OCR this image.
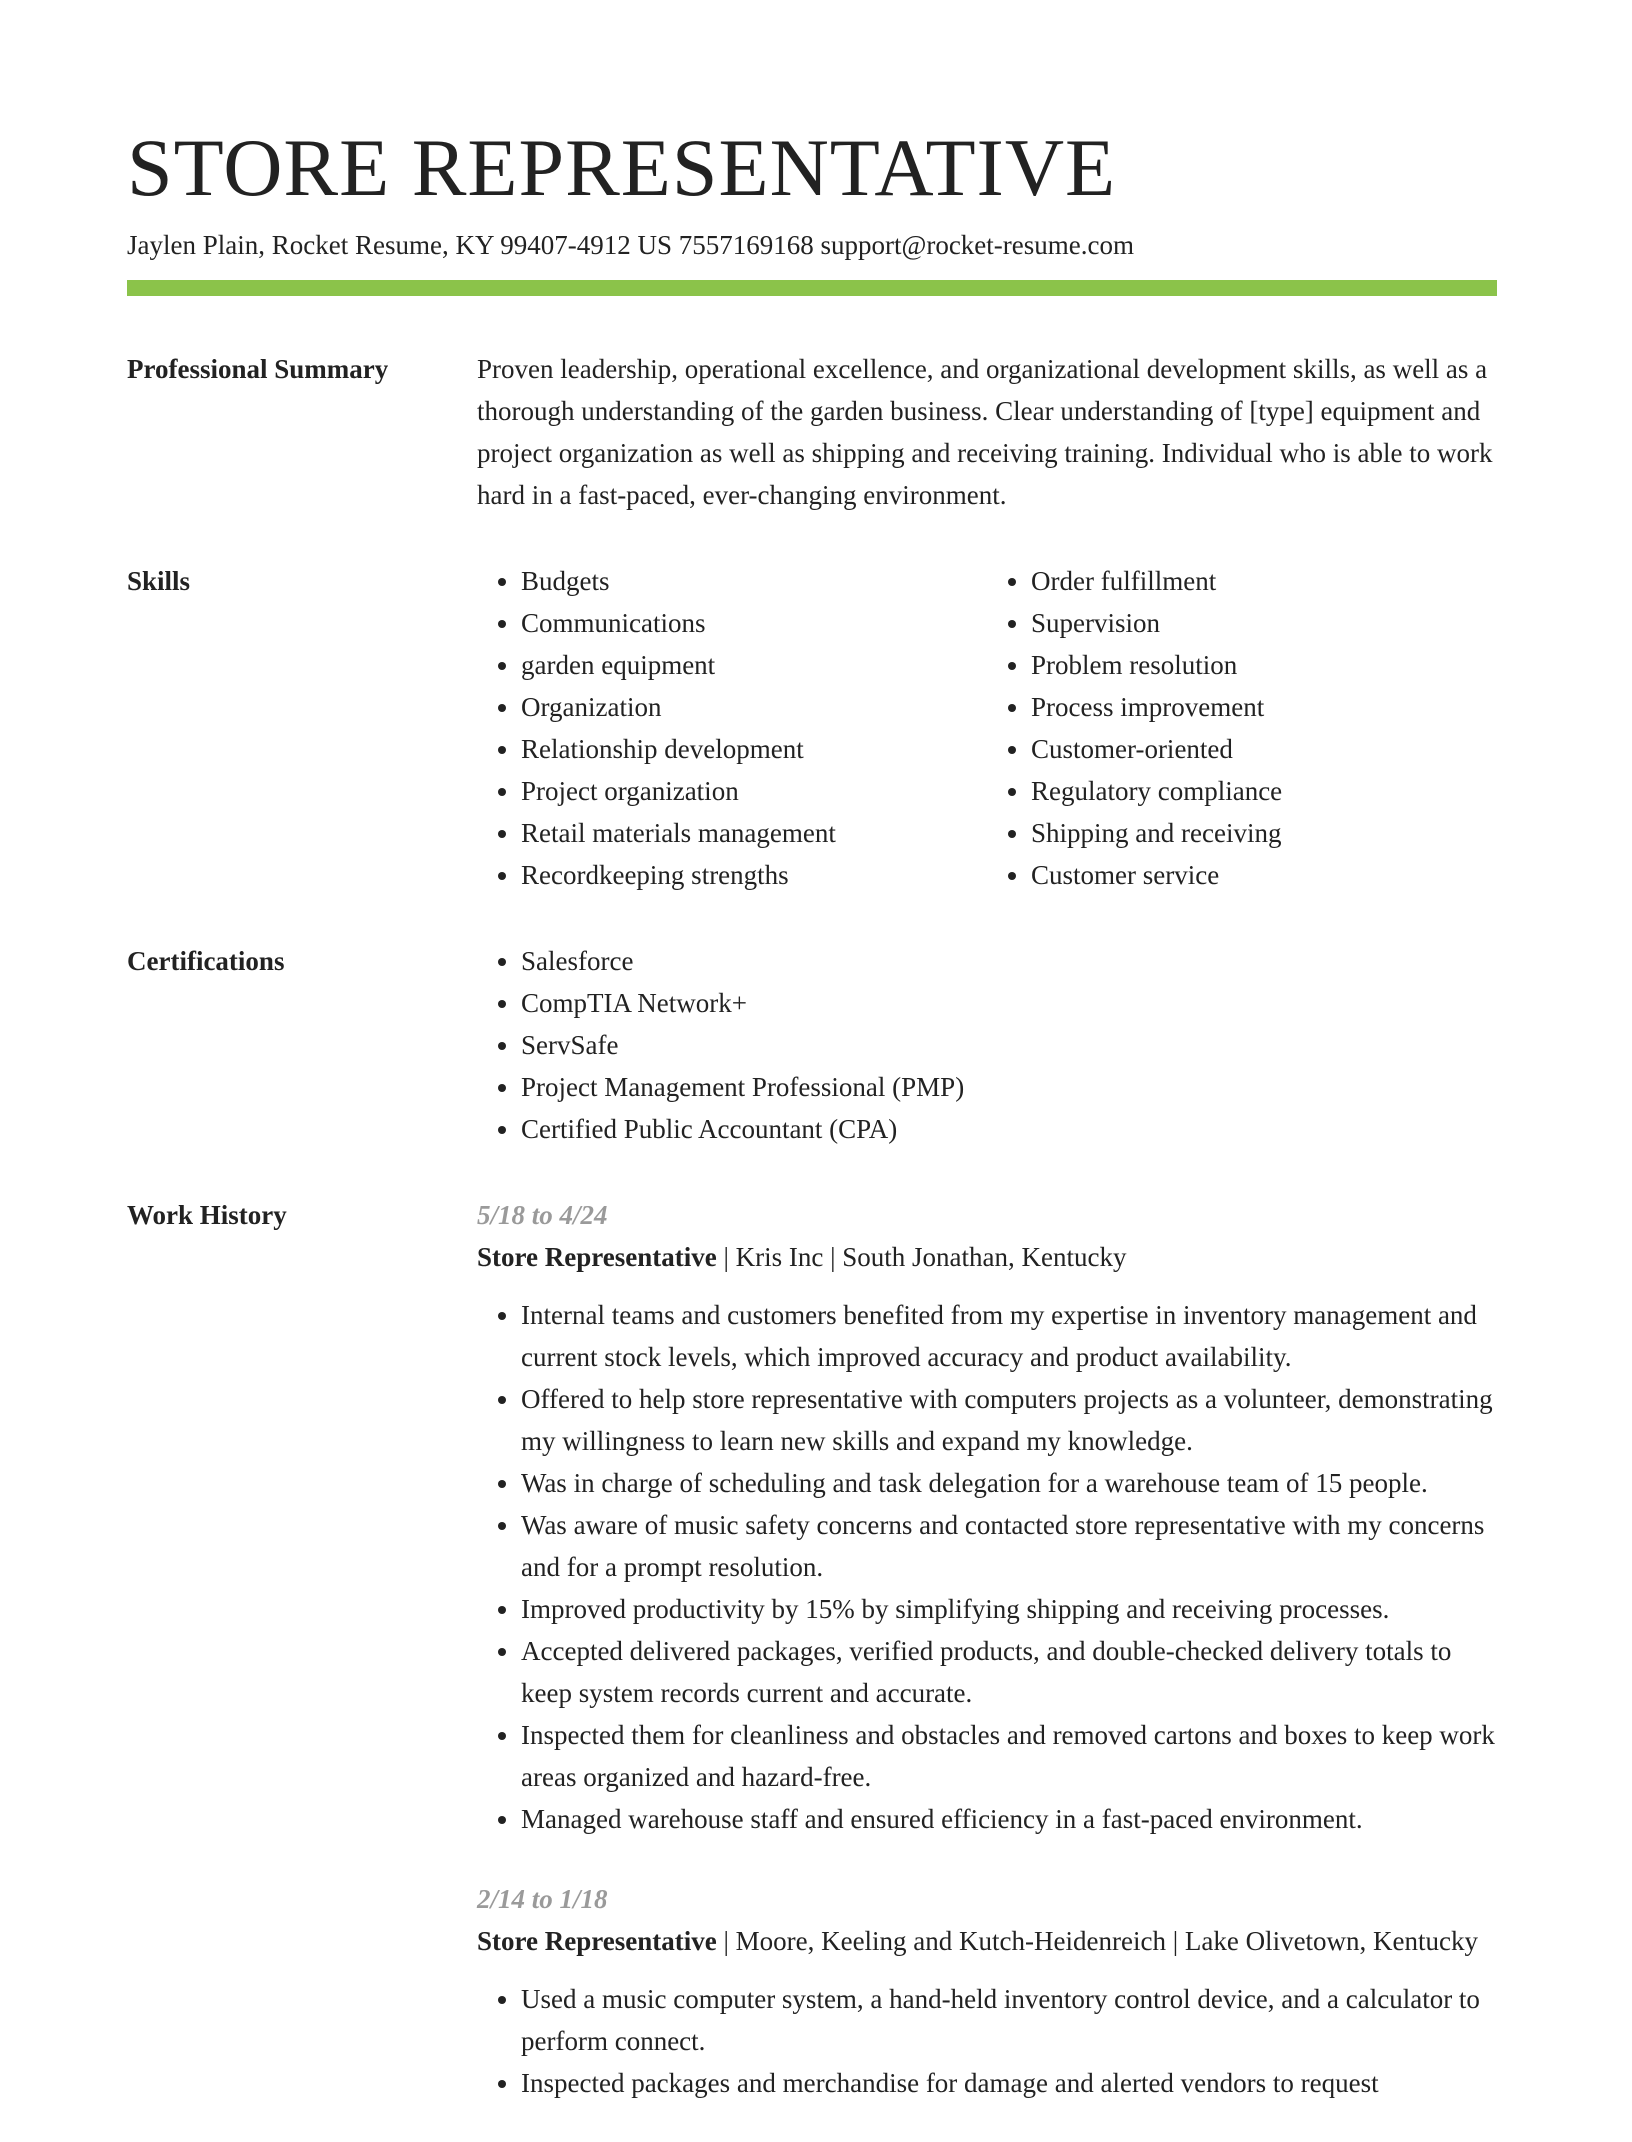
STORE REPRESENTATIVE
Jaylen Plain, Rocket Resume, KY 99407-4912 US 7557169168 support@rocket-resume.com
Professional Summary	Proven leadership, operational excellence, and organizational development skills, as well as a thorough understanding of the garden business. Clear understanding of [type] equipment and project organization as well as shipping and receiving training. Individual who is able to work hard in a fast-paced, ever-changing environment.
Skills	• Budgets
• Communications
• garden equipment
• Organization
• Relationship development
• Project organization
• Retail materials management
• Recordkeeping strengths
• Order fulfillment
• Supervision
• Problem resolution
• Process improvement
• Customer-oriented
• Regulatory compliance
• Shipping and receiving
• Customer service
Certifications	• Salesforce
• CompTIA Network+
• ServSafe
• Project Management Professional (PMP)
• Certified Public Accountant (CPA)
Work History	5/18 to 4/24
Store Representative | Kris Inc | South Jonathan, Kentucky
• Internal teams and customers benefited from my expertise in inventory management and current stock levels, which improved accuracy and product availability.
• Offered to help store representative with computers projects as a volunteer, demonstrating my willingness to learn new skills and expand my knowledge.
• Was in charge of scheduling and task delegation for a warehouse team of 15 people.
• Was aware of music safety concerns and contacted store representative with my concerns and for a prompt resolution.
• Improved productivity by 15% by simplifying shipping and receiving processes.
• Accepted delivered packages, verified products, and double-checked delivery totals to keep system records current and accurate.
• Inspected them for cleanliness and obstacles and removed cartons and boxes to keep work areas organized and hazard-free.
• Managed warehouse staff and ensured efficiency in a fast-paced environment.
2/14 to 1/18
Store Representative | Moore, Keeling and Kutch-Heidenreich | Lake Olivetown, Kentucky
• Used a music computer system, a hand-held inventory control device, and a calculator to perform connect.
• Inspected packages and merchandise for damage and alerted vendors to request
